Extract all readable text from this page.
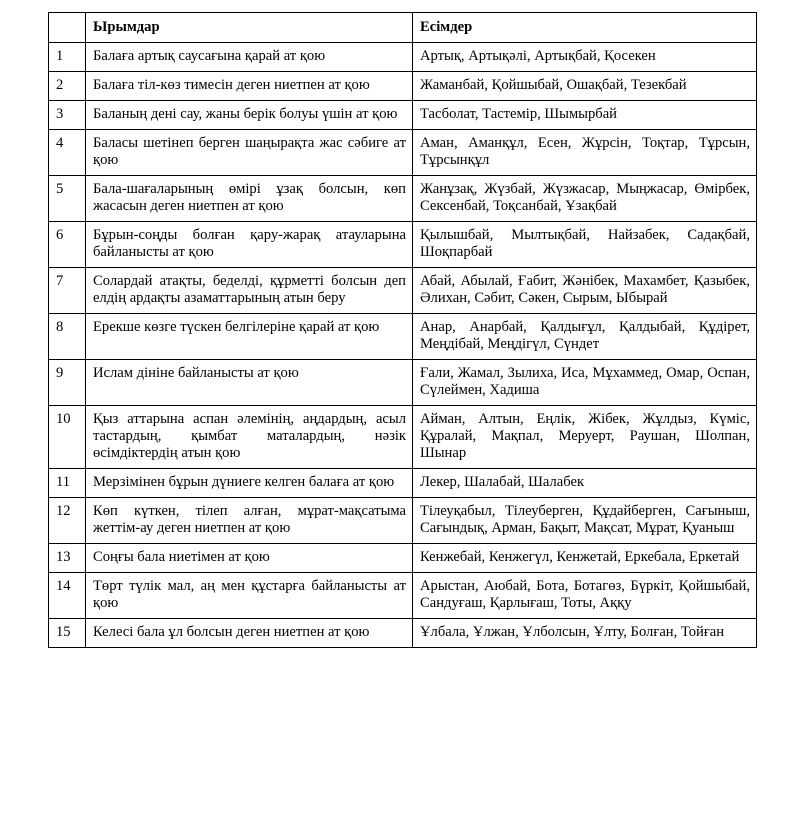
	Ырымдар	Есімдер
1	Балаға артық саусағына қарай ат қою	Артық, Артықәлі, Артықбай, Қосекен
2	Балаға тіл-көз тимесін деген ниетпен ат қою	Жаманбай, Қойшыбай, Ошақбай, Тезекбай
3	Баланың дені сау, жаны берік болуы үшін ат қою	Тасболат, Тастемір, Шымырбай
4	Баласы шетінеп берген шаңырақта жас сәбиге ат қою	Аман, Аманқұл, Есен, Жұрсін, Тоқтар, Тұрсын, Тұрсынқұл
5	Бала-шағаларының өмірі ұзақ болсын, көп жасасын деген ниетпен ат қою	Жанұзақ, Жүзбай, Жүзжасар, Мыңжасар, Өмірбек, Сексенбай, Тоқсанбай, Ұзақбай
6	Бұрын-соңды болған қару-жарақ атауларына байланысты ат қою	Қылышбай, Мылтықбай, Найзабек, Садақбай, Шоқпарбай
7	Солардай атақты, беделді, құрметті болсын деп елдің ардақты азаматтарының атын беру	Абай, Абылай, Ғабит, Жәнібек, Махамбет, Қазыбек, Әлихан, Сәбит, Сәкен, Сырым, Ыбырай
8	Ерекше көзге түскен белгілеріне қарай ат қою	Анар, Анарбай, Қалдығұл, Қалдыбай, Құдірет, Меңдібай, Меңдігүл, Сүндет
9	Ислам дініне байланысты ат қою	Ғали, Жамал, Зылиха, Иса, Мұхаммед, Омар, Оспан, Сүлеймен, Хадиша
10	Қыз аттарына аспан әлемінің, аңдардың, асыл тастардың, қымбат маталардың, нәзік өсімдіктердің атын қою	Айман, Алтын, Еңлік, Жібек, Жұлдыз, Күміс, Құралай, Мақпал, Меруерт, Раушан, Шолпан, Шынар
11	Мерзімінен бұрын дүниеге келген балаға ат қою	Лекер, Шалабай, Шалабек
12	Көп күткен, тілеп алған, мұрат-мақсатыма жеттім-ау деген ниетпен ат қою	Тілеуқабыл, Тілеуберген, Құдайберген, Сағыныш, Сағындық, Арман, Бақыт, Мақсат, Мұрат, Қуаныш
13	Соңғы бала ниетімен ат қою	Кенжебай, Кенжегүл, Кенжетай, Еркебала, Еркетай
14	Төрт түлік мал, аң мен құстарға байланысты ат қою	Арыстан, Аюбай, Бота, Ботагөз, Бүркіт, Қойшыбай, Сандуғаш, Қарлығаш, Тоты, Аққу
15	Келесі бала ұл болсын деген ниетпен ат қою	Ұлбала, Ұлжан, Ұлболсын, Ұлту, Болған, Тойған
